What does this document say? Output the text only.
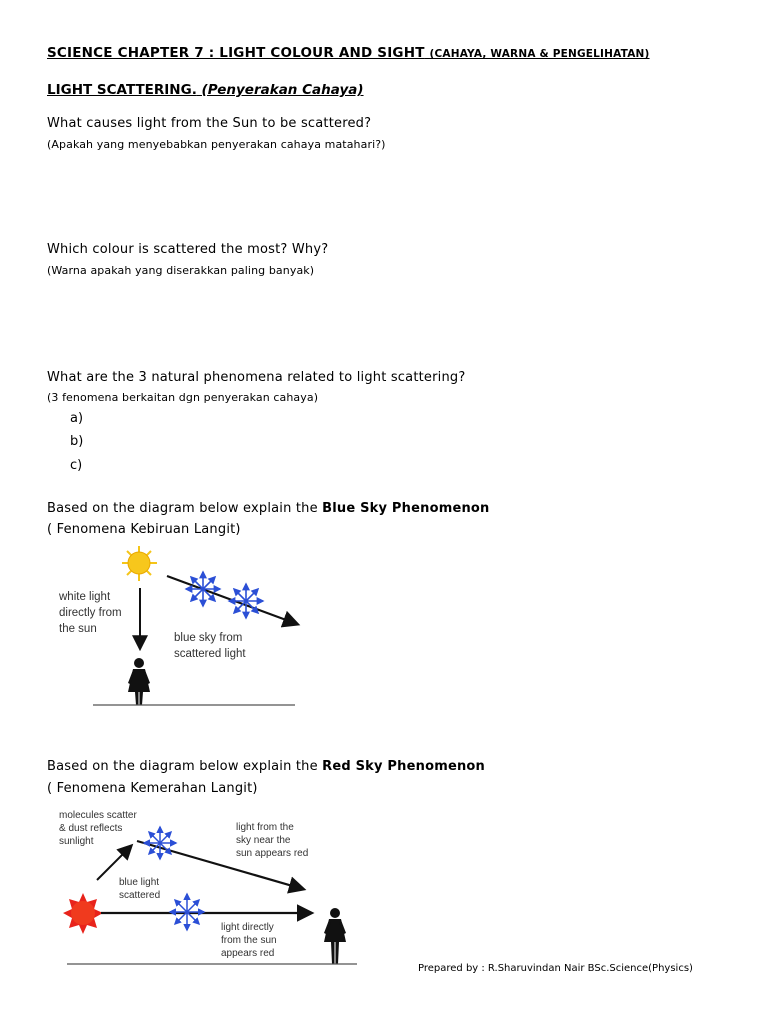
SCIENCE CHAPTER 7 : LIGHT COLOUR AND SIGHT (CAHAYA, WARNA & PENGELIHATAN)
LIGHT SCATTERING. (Penyerakan Cahaya)
What causes light from the Sun to be scattered?
(Apakah yang menyebabkan penyerakan cahaya matahari?)
Which colour is scattered the most? Why?
(Warna apakah yang diserakkan paling banyak)
What are the 3 natural phenomena related to light scattering?
(3 fenomena berkaitan dgn penyerakan cahaya)
a)
b)
c)
Based on the diagram below explain the Blue Sky Phenomenon
( Fenomena Kebiruan Langit)
white light
directly from
the sun
blue sky from
scattered light
Based on the diagram below explain the Red Sky Phenomenon
( Fenomena Kemerahan Langit)
molecules scatter
& dust reflects
sunlight
light from the
sky near the
sun appears red
blue light
scattered
light directly
from the sun
appears red
Prepared by : R.Sharuvindan Nair BSc.Science(Physics)
